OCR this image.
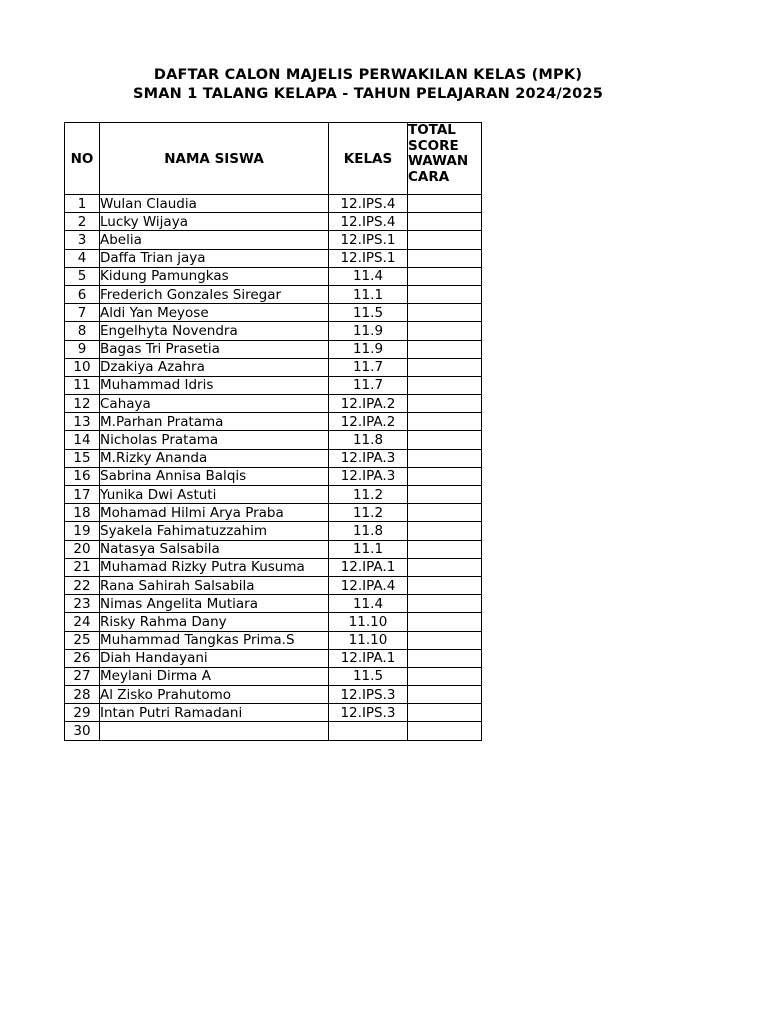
DAFTAR CALON MAJELIS PERWAKILAN KELAS (MPK)
SMAN 1 TALANG KELAPA - TAHUN PELAJARAN 2024/2025
NO	NAMA SISWA	KELAS	TOTAL
SCORE
WAWAN
CARA

1	Wulan Claudia	12.IPS.4	
2	Lucky Wijaya	12.IPS.4	
3	Abelia	12.IPS.1	
4	Daffa Trian jaya	12.IPS.1	
5	Kidung Pamungkas	11.4	
6	Frederich Gonzales Siregar	11.1	
7	Aldi Yan Meyose	11.5	
8	Engelhyta Novendra	11.9	
9	Bagas Tri Prasetia	11.9	
10	Dzakiya Azahra	11.7	
11	Muhammad Idris	11.7	
12	Cahaya	12.IPA.2	
13	M.Parhan Pratama	12.IPA.2	
14	Nicholas Pratama	11.8	
15	M.Rizky Ananda	12.IPA.3	
16	Sabrina Annisa Balqis	12.IPA.3	
17	Yunika Dwi Astuti	11.2	
18	Mohamad Hilmi Arya Praba	11.2	
19	Syakela Fahimatuzzahim	11.8	
20	Natasya Salsabila	11.1	
21	Muhamad Rizky Putra Kusuma	12.IPA.1	
22	Rana Sahirah Salsabila	12.IPA.4	
23	Nimas Angelita Mutiara	11.4	
24	Risky Rahma Dany	11.10	
25	Muhammad Tangkas Prima.S	11.10	
26	Diah Handayani	12.IPA.1	
27	Meylani Dirma A	11.5	
28	Al Zisko Prahutomo	12.IPS.3	
29	Intan Putri Ramadani	12.IPS.3	
30			
